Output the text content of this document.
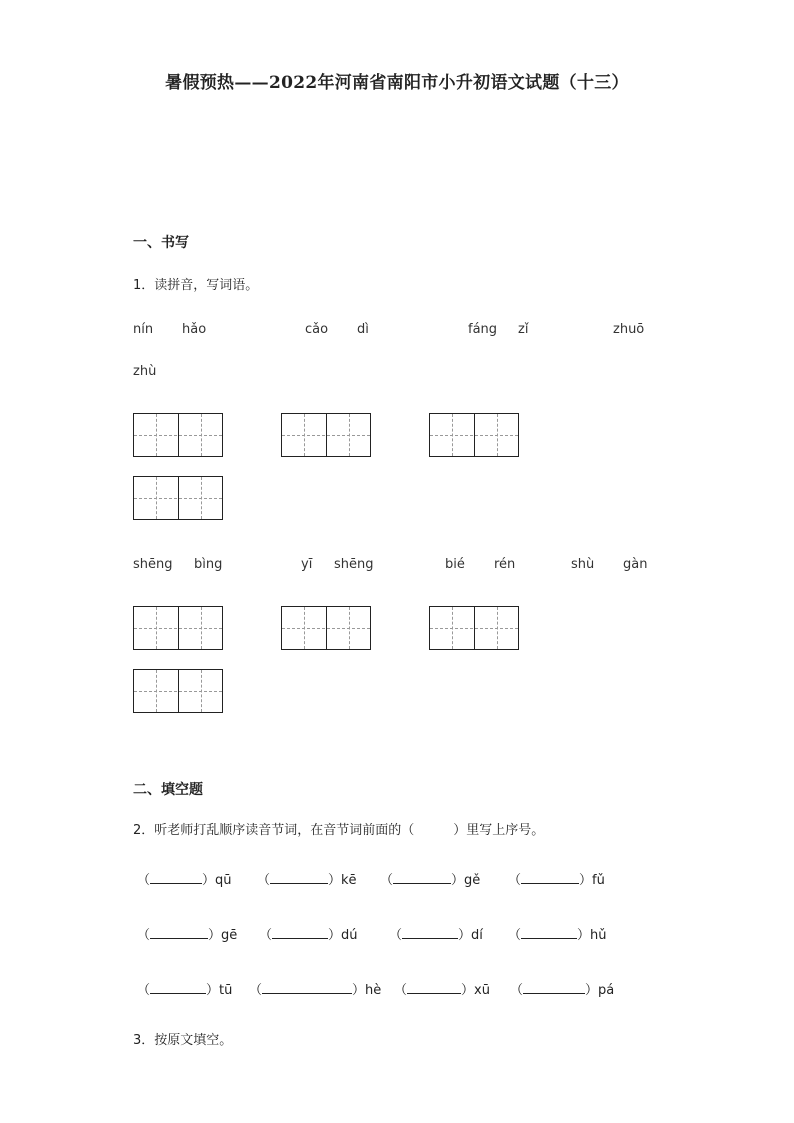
暑假预热——2022年河南省南阳市小升初语文试题（十三）
一、书写
1．读拼音，写词语。
nín hǎo	cǎo dì	fáng zǐ	zhuō
zhù
shēng bìng	yī shēng	bié rén	shù gàn
二、填空题
2．听老师打乱顺序读音节词，在音节词前面的（　　　）里写上序号。
（	）qū （	）kē （	）gě （	）fǔ
（	）gē （	）dú （	）dí （	）hǔ
（	）tū （	）hè （	）xū （	）pá
3．按原文填空。
